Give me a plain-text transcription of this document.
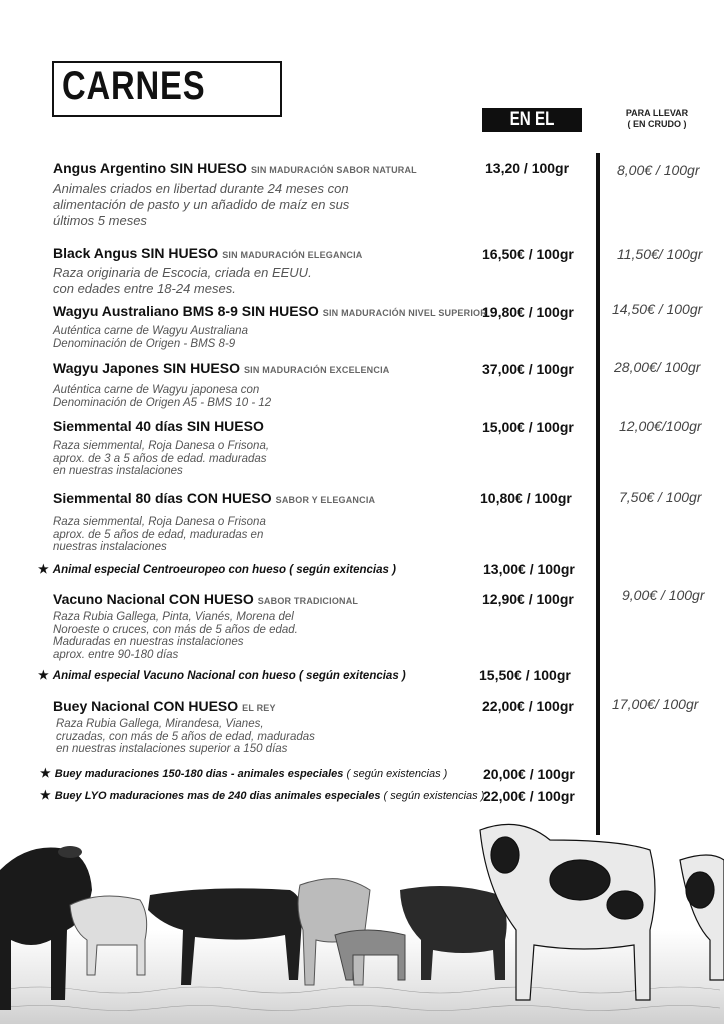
CARNES
EN EL LOCAL
PARA LLEVAR
( EN CRUDO )
Angus Argentino SIN HUESO SIN MADURACIÓN SABOR NATURAL
Animales criados en libertad durante 24 meses con
alimentación de pasto y un añadido de maíz en sus
últimos 5 meses
13,20 / 100gr	8,00€ / 100gr
Black Angus SIN HUESO SIN MADURACIÓN ELEGANCIA
Raza originaria de Escocia, criada en EEUU.
con edades entre 18-24 meses.
16,50€ / 100gr	11,50€/ 100gr
Wagyu Australiano BMS 8-9 SIN HUESO SIN MADURACIÓN NIVEL SUPERIOR
Auténtica carne de Wagyu Australiana
Denominación de Origen - BMS 8-9
19,80€ / 100gr	14,50€ / 100gr
Wagyu Japones SIN HUESO SIN MADURACIÓN EXCELENCIA
Auténtica carne de Wagyu japonesa con
Denominación de Origen A5 - BMS 10 - 12
37,00€ / 100gr	28,00€/ 100gr
Siemmental 40 días SIN HUESO
Raza siemmental, Roja Danesa o Frisona,
aprox. de 3 a 5 años de edad. maduradas
en nuestras instalaciones
15,00€ / 100gr	12,00€/100gr
Siemmental 80 días CON HUESO SABOR Y ELEGANCIA
Raza siemmental, Roja Danesa o Frisona
aprox. de 5 años de edad, maduradas en
nuestras instalaciones
10,80€ / 100gr	7,50€ / 100gr
★ Animal especial Centroeuropeo con hueso ( según exitencias )	13,00€ / 100gr
Vacuno Nacional CON HUESO SABOR TRADICIONAL
Raza Rubia Gallega, Pinta, Vianés, Morena del
Noroeste o cruces, con más de 5 años de edad.
Maduradas en nuestras instalaciones
aprox. entre 90-180 días
12,90€ / 100gr	9,00€ / 100gr
★ Animal especial Vacuno Nacional con hueso ( según exitencias )	15,50€ / 100gr
Buey Nacional CON HUESO EL REY
Raza Rubia Gallega, Mirandesa, Vianes,
cruzadas, con más de 5 años de edad, maduradas
en nuestras instalaciones superior a 150 días
22,00€ / 100gr	17,00€/ 100gr
★ Buey maduraciones 150-180 dias - animales especiales ( según existencias )	20,00€ / 100gr
★ Buey LYO maduraciones mas de 240 dias animales especiales ( según existencias )
22,00€ / 100gr
